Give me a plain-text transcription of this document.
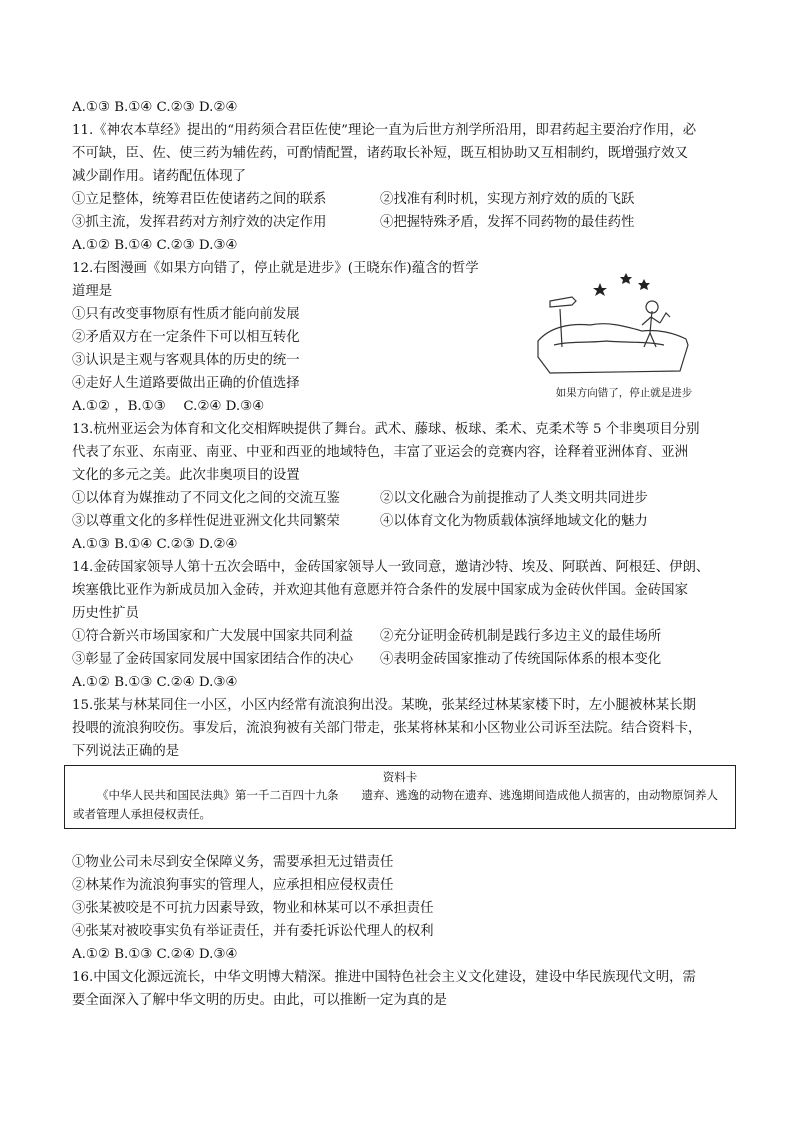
A.①③ B.①④ C.②③ D.②④
11.《神农本草经》提出的“用药须合君臣佐使”理论一直为后世方剂学所沿用，即君药起主要治疗作用，必
不可缺，臣、佐、使三药为辅佐药，可酌情配置，诸药取长补短，既互相协助又互相制约，既增强疗效又
减少副作用。诸药配伍体现了
①立足整体，统筹君臣佐使诸药之间的联系	②找准有利时机，实现方剂疗效的质的飞跃
③抓主流，发挥君药对方剂疗效的决定作用	④把握特殊矛盾，发挥不同药物的最佳药性
A.①② B.①④ C.②③ D.③④
12.右图漫画《如果方向错了，停止就是进步》(王晓东作)蕴含的哲学
道理是
①只有改变事物原有性质才能向前发展
②矛盾双方在一定条件下可以相互转化
③认识是主观与客观具体的历史的统一
如果方向错了，停止就是进步
④走好人生道路要做出正确的价值选择
A.①② ，B.①③　 C.②④ D.③④
13.杭州亚运会为体育和文化交相辉映提供了舞台。武术、藤球、板球、柔术、克柔术等 5 个非奥项目分别
代表了东亚、东南亚、南亚、中亚和西亚的地域特色，丰富了亚运会的竞赛内容，诠释着亚洲体育、亚洲
文化的多元之美。此次非奥项目的设置
①以体育为媒推动了不同文化之间的交流互鉴	②以文化融合为前提推动了人类文明共同进步
③以尊重文化的多样性促进亚洲文化共同繁荣	④以体育文化为物质载体演绎地域文化的魅力
A.①③ B.①④ C.②③ D.②④
14.金砖国家领导人第十五次会晤中，金砖国家领导人一致同意，邀请沙特、埃及、阿联酋、阿根廷、伊朗、
埃塞俄比亚作为新成员加入金砖，并欢迎其他有意愿并符合条件的发展中国家成为金砖伙伴国。金砖国家
历史性扩员
①符合新兴市场国家和广大发展中国家共同利益	②充分证明金砖机制是践行多边主义的最佳场所
③彰显了金砖国家同发展中国家团结合作的决心	④表明金砖国家推动了传统国际体系的根本变化
A.①② B.①③ C.②④ D.③④
15.张某与林某同住一小区，小区内经常有流浪狗出没。某晚，张某经过林某家楼下时，左小腿被林某长期
投喂的流浪狗咬伤。事发后，流浪狗被有关部门带走，张某将林某和小区物业公司诉至法院。结合资料卡，
下列说法正确的是
资料卡
《中华人民共和国民法典》第一千二百四十九条　　遗弃、逃逸的动物在遗弃、逃逸期间造成他人损害的，由动物原饲养人或者管理人承担侵权责任。
①物业公司未尽到安全保障义务，需要承担无过错责任
②林某作为流浪狗事实的管理人，应承担相应侵权责任
③张某被咬是不可抗力因素导致，物业和林某可以不承担责任
④张某对被咬事实负有举证责任，并有委托诉讼代理人的权利
A.①② B.①③ C.②④ D.③④
16.中国文化源远流长，中华文明博大精深。推进中国特色社会主义文化建设，建设中华民族现代文明，需
要全面深入了解中华文明的历史。由此，可以推断一定为真的是
